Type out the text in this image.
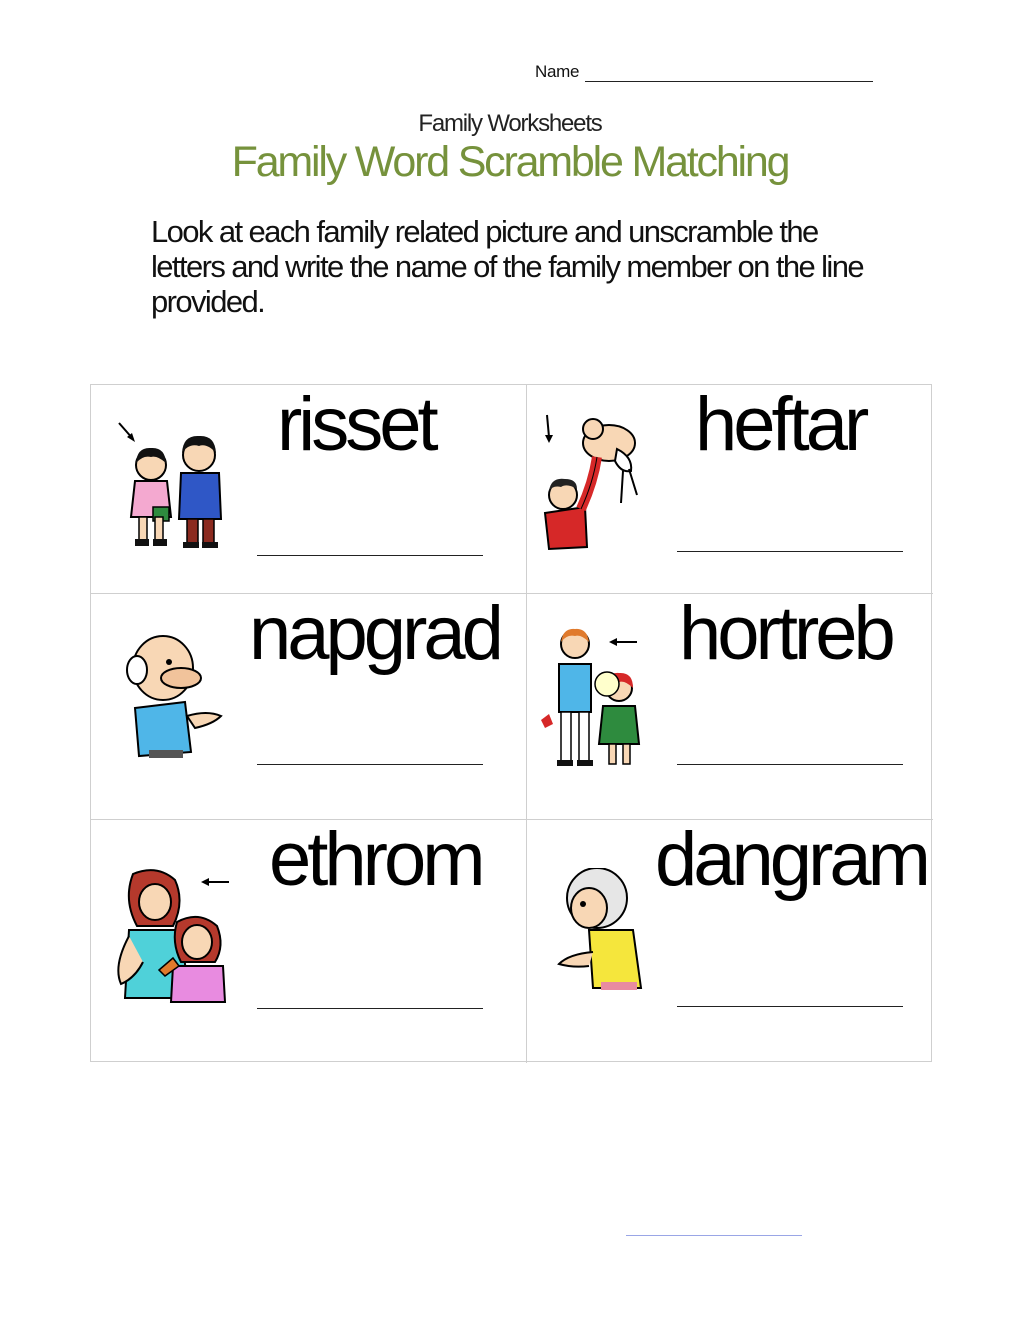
Name
Family Worksheets
Family Word Scramble Matching
Look at each family related picture and unscramble the letters and write the name of the family member on the line provided.
risset	heftar
napgrad hortreb
ethrom dangram
